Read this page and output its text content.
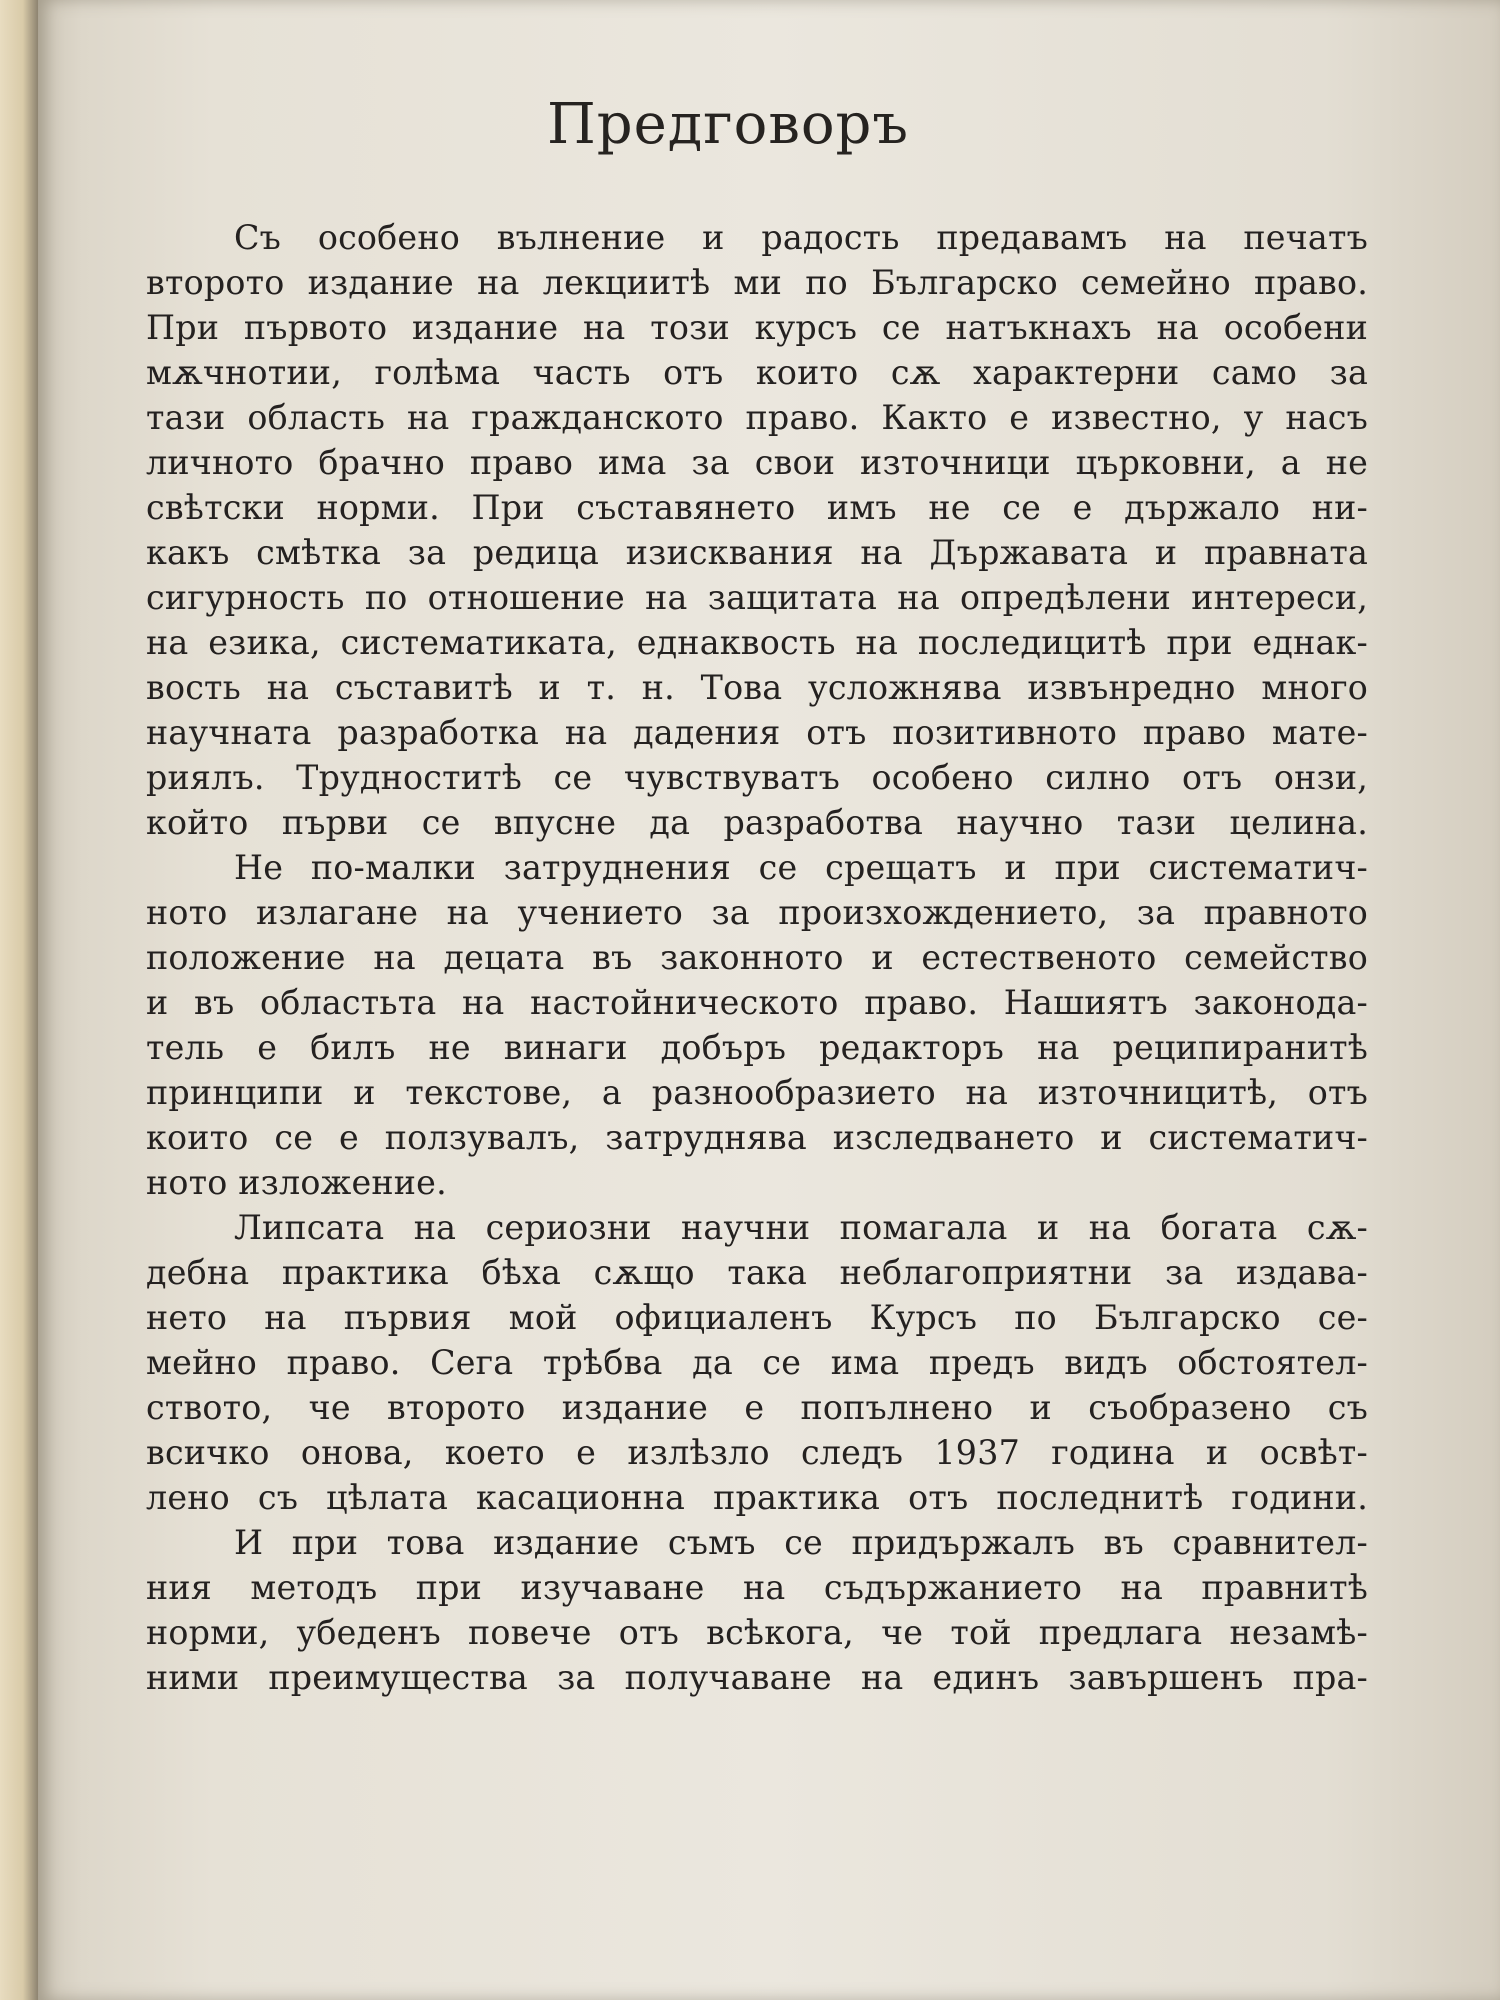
Предговоръ
Съ особено вълнение и радость предавамъ на печатъ
второто издание на лекциитѣ ми по Българско семейно право.
При първото издание на този курсъ се натъкнахъ на особени
мѫчнотии, голѣма часть отъ които сѫ характерни само за
тази область на гражданското право. Както е известно, у насъ
личното брачно право има за свои източници църковни, а не
свѣтски норми. При съставянето имъ не се е държало ни-
какъ смѣтка за редица изисквания на Държавата и правната
сигурность по отношение на защитата на опредѣлени интереси,
на езика, систематиката, еднаквость на последицитѣ при еднак-
вость на съставитѣ и т. н. Това усложнява извънредно много
научната разработка на дадения отъ позитивното право мате-
риялъ. Трудноститѣ се чувствуватъ особено силно отъ онзи,
който първи се впусне да разработва научно тази целина.
Не по-малки затруднения се срещатъ и при систематич-
ното излагане на учението за произхождението, за правното
положение на децата въ законното и естественото семейство
и въ областьта на настойническото право. Нашиятъ законода-
тель е билъ не винаги добъръ редакторъ на реципиранитѣ
принципи и текстове, а разнообразието на източницитѣ, отъ
които се е ползувалъ, затруднява изследването и систематич-
ното изложение.
Липсата на сериозни научни помагала и на богата сѫ-
дебна практика бѣха сѫщо така неблагоприятни за издава-
нето на първия мой официаленъ Курсъ по Българско се-
мейно право. Сега трѣбва да се има предъ видъ обстоятел-
ството, че второто издание е попълнено и съобразено съ
всичко онова, което е излѣзло следъ 1937 година и освѣт-
лено съ цѣлата касационна практика отъ последнитѣ години.
И при това издание съмъ се придържалъ въ сравнител-
ния методъ при изучаване на съдържанието на правнитѣ
норми, убеденъ повече отъ всѣкога, че той предлага незамѣ-
ними преимущества за получаване на единъ завършенъ пра-
